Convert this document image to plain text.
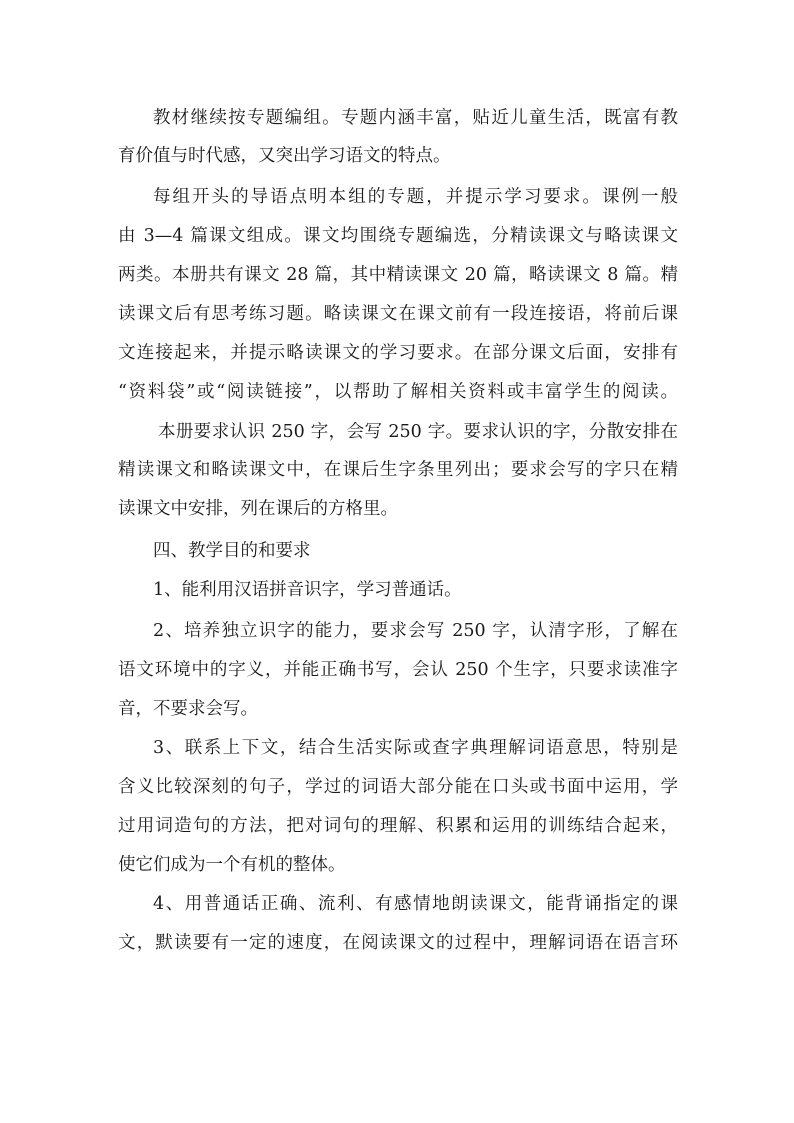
教材继续按专题编组。专题内涵丰富，贴近儿童生活，既富有教
育价值与时代感，又突出学习语文的特点。
每组开头的导语点明本组的专题，并提示学习要求。课例一般
由 3—4 篇课文组成。课文均围绕专题编选，分精读课文与略读课文
两类。本册共有课文 28 篇，其中精读课文 20 篇，略读课文 8 篇。精
读课文后有思考练习题。略读课文在课文前有一段连接语，将前后课
文连接起来，并提示略读课文的学习要求。在部分课文后面，安排有
“资料袋”或“阅读链接”，以帮助了解相关资料或丰富学生的阅读。
本册要求认识 250 字，会写 250 字。要求认识的字，分散安排在
精读课文和略读课文中，在课后生字条里列出；要求会写的字只在精
读课文中安排，列在课后的方格里。
四、教学目的和要求
1、能利用汉语拼音识字，学习普通话。
2、培养独立识字的能力，要求会写 250 字，认清字形，了解在
语文环境中的字义，并能正确书写，会认 250 个生字，只要求读准字
音，不要求会写。
3、联系上下文，结合生活实际或查字典理解词语意思，特别是
含义比较深刻的句子，学过的词语大部分能在口头或书面中运用，学
过用词造句的方法，把对词句的理解、积累和运用的训练结合起来，
使它们成为一个有机的整体。
4、用普通话正确、流利、有感情地朗读课文，能背诵指定的课
文，默读要有一定的速度，在阅读课文的过程中，理解词语在语言环
